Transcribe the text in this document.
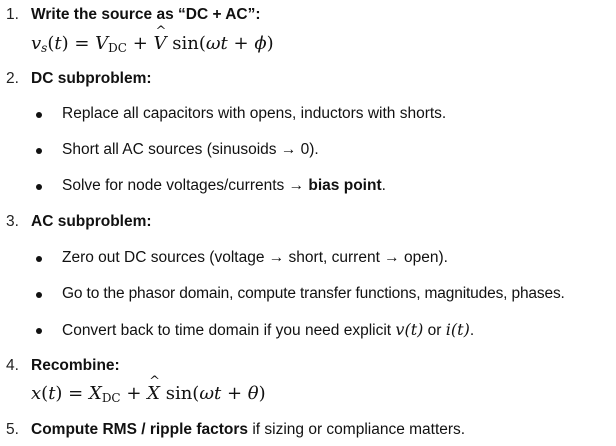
1. Write the source as “DC + AC”:
$v_s(t) = V_{DC}$ + ^ V sin(ωt + ϕ)
2. DC subproblem:
Replace all capacitors with opens, inductors with shorts.
Short all AC sources (sinusoids → 0).
Solve for node voltages/currents → bias point.
3. AC subproblem:
Zero out DC sources (voltage → short, current → open).
Go to the phasor domain, compute transfer functions, magnitudes, phases.
Convert back to time domain if you need explicit v(t) or i(t).
4. Recombine:
$x(t) = X_{DC}$ + ^ X sin(ωt + θ)
5. Compute RMS / ripple factors if sizing or compliance matters.
